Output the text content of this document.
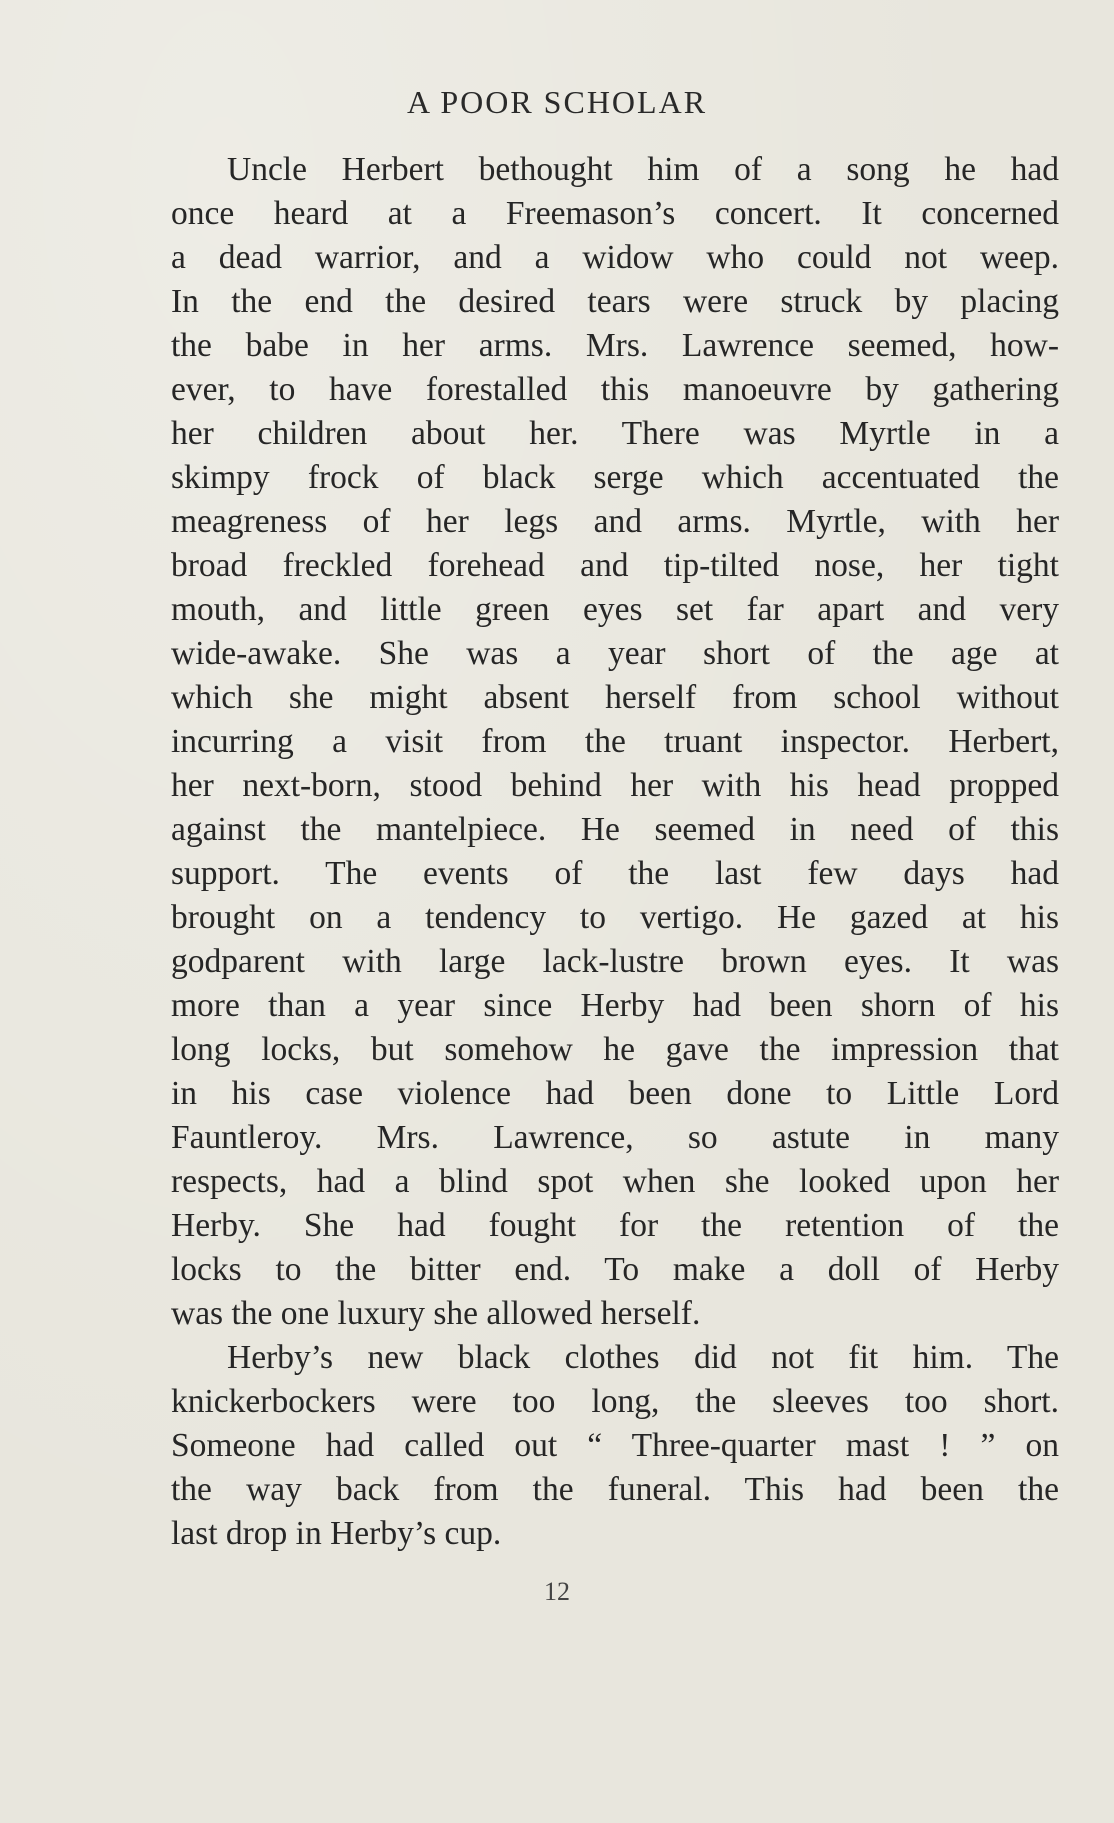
A POOR SCHOLAR
Uncle Herbert bethought him of a song he had
once heard at a Freemason’s concert. It concerned
a dead warrior, and a widow who could not weep.
In the end the desired tears were struck by placing
the babe in her arms. Mrs. Lawrence seemed, how-
ever, to have forestalled this manoeuvre by gathering
her children about her. There was Myrtle in a
skimpy frock of black serge which accentuated the
meagreness of her legs and arms. Myrtle, with her
broad freckled forehead and tip-tilted nose, her tight
mouth, and little green eyes set far apart and very
wide-awake. She was a year short of the age at
which she might absent herself from school without
incurring a visit from the truant inspector. Herbert,
her next-born, stood behind her with his head propped
against the mantelpiece. He seemed in need of this
support. The events of the last few days had
brought on a tendency to vertigo. He gazed at his
godparent with large lack-lustre brown eyes. It was
more than a year since Herby had been shorn of his
long locks, but somehow he gave the impression that
in his case violence had been done to Little Lord
Fauntleroy. Mrs. Lawrence, so astute in many
respects, had a blind spot when she looked upon her
Herby. She had fought for the retention of the
locks to the bitter end. To make a doll of Herby
was the one luxury she allowed herself.
Herby’s new black clothes did not fit him. The
knickerbockers were too long, the sleeves too short.
Someone had called out “ Three-quarter mast ! ” on
the way back from the funeral. This had been the
last drop in Herby’s cup.
12
